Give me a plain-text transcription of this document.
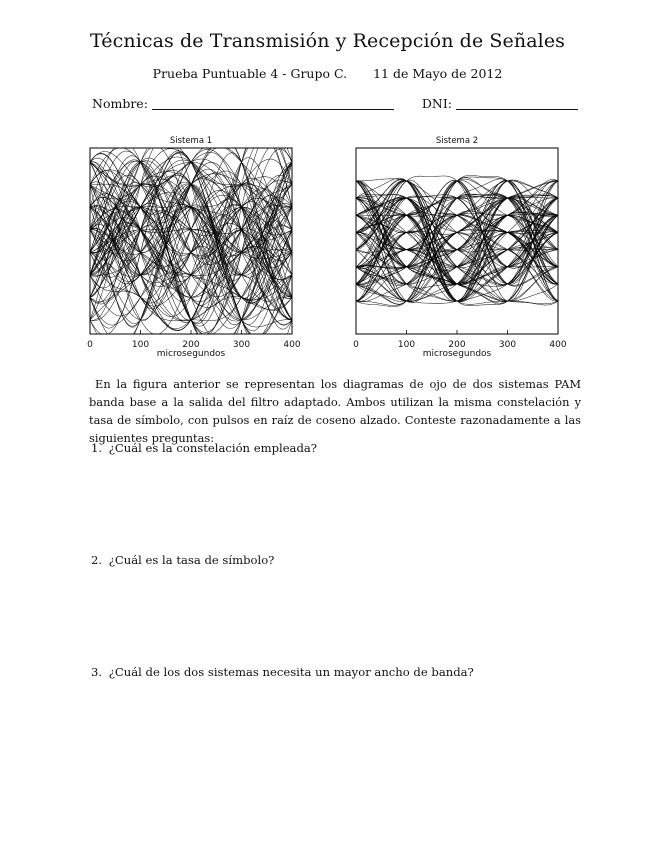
Técnicas de Transmisión y Recepción de Señales
Prueba Puntuable 4 - Grupo C. 11 de Mayo de 2012
Nombre:	DNI:
Sistema 1
0	100	200	300	400
microsegundos
Sistema 2
0	100	200	300	400
microsegundos
En la figura anterior se representan los diagramas de ojo de dos sistemas PAM banda base a la salida del filtro adaptado. Ambos utilizan la misma constelación y tasa de símbolo, con pulsos en raíz de coseno alzado. Conteste razonadamente a las siguientes preguntas:
1. ¿Cuál es la constelación empleada?
2. ¿Cuál es la tasa de símbolo?
3. ¿Cuál de los dos sistemas necesita un mayor ancho de banda?
